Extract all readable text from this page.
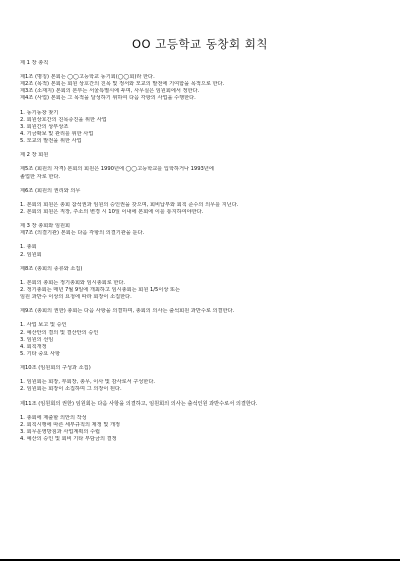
OO 고등학교 동창회 회칙
제 1 장 총칙
제1조 (명칭) 본회는 ◯◯고등학교 동기회(◯◯회)라 한다.
제2조 (목적) 본회는 회원 상호간의 친목 및 정서와 모교의 발전에 기여함을 목적으로 한다.
제3조 (소재지) 본회의 본부는 서울특별시에 두며, 사무실은 임원회에서 정한다.
제4조 (사업) 본회는 그 목적을 달성하기 위하여 다음 각항의 사업을 수행한다.
1. 동기동창 찾기
2. 회원상호간의 친목증진을 위한 사업
3. 회원간의 상부상조
4. 기금확보 및 관리를 위한 사업
5. 모교의 발전을 위한 사업
제 2 장 회원
제5조 (회원의 자격) 본회의 회원은 1990년에 ◯◯고등학교를 입학하거나 1993년에
졸업한 자로 한다.
제6조 (회원의 권리와 의무
1. 본회의 회원은 총회 참석권과 임원의 승인권을 갖으며, 회비납부와 회칙 준수의 의무를 지닌다.
2. 본회의 회원은 직장, 주소의 변경 시 10일 이내에 본회에 이를 통지하여야한다.
제 3 장 총회와 임원회
제7조 (의결기관) 본회는 다음 각항의 의결기관을 둔다.
1. 총회
2. 임원회
제8조 (총회의 종류와 소집)
1. 본회의 총회는 정기총회와 임시총회로 한다.
2. 정기총회는 매년 7월 9일에 개최하고 임시총회는 회원 1/5이상 또는
임원 과반수 이상의 요청에 따라 회장이 소집한다.
제9조 (총회의 권한) 총회는 다음 사항을 의결하며, 총회의 의사는 출석회원 과반수로 의결한다.
1. 사업 보고 및 승인
2. 예산안의 결의 및 결산안의 승인
3. 임원의 선임
4. 회칙개정
5. 기타 중요 사항
제10조 (임원회의 구성과 소집)
1. 임원회는 회장, 부회장, 총무, 이사 및 감사로서 구성한다.
2. 임원회는 회장이 소집하며 그 의장이 된다.
제11조 (임원회의 권한) 임원회는 다음 사항을 의결하고, 임원회의 의사는 출석인원 과반수로서 의결한다.
1. 총회에 제출할 의안의 작성
2. 회칙시행에 따른 세부규칙의 제정 및 개정
3. 회무운영방침과 사업계획의 수립
4. 예산의 승인 및 회비 기타 부담금의 결정
